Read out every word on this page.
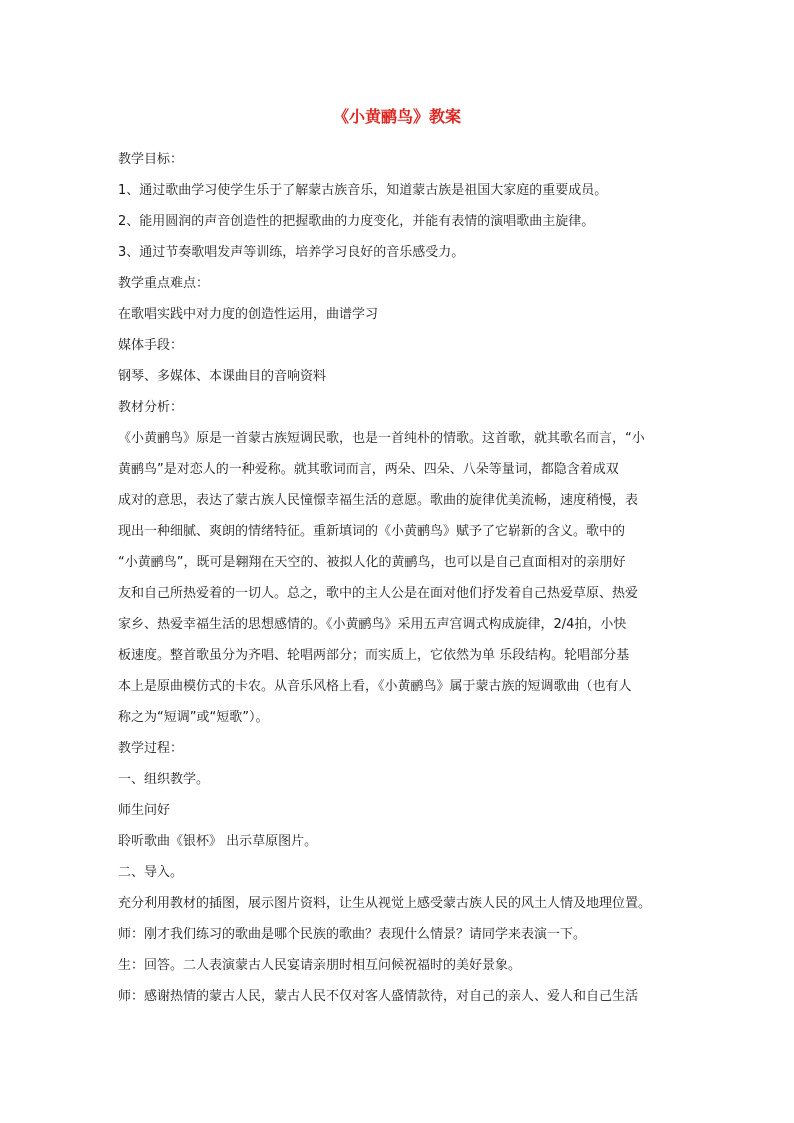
《小黄鹂鸟》教案

教学目标：

1、通过歌曲学习使学生乐于了解蒙古族音乐，知道蒙古族是祖国大家庭的重要成员。

2、能用圆润的声音创造性的把握歌曲的力度变化，并能有表情的演唱歌曲主旋律。

3、通过节奏歌唱发声等训练，培养学习良好的音乐感受力。

教学重点难点：

在歌唱实践中对力度的创造性运用，曲谱学习

媒体手段：

钢琴、多媒体、本课曲目的音响资料

教材分析：

《小黄鹂鸟》原是一首蒙古族短调民歌，也是一首纯朴的情歌。这首歌，就其歌名而言，“小
黄鹂鸟”是对恋人的一种爱称。就其歌词而言，两朵、四朵、八朵等量词，都隐含着成双
成对的意思，表达了蒙古族人民憧憬幸福生活的意愿。歌曲的旋律优美流畅，速度稍慢，表
现出一种细腻、爽朗的情绪特征。重新填词的《小黄鹂鸟》赋予了它崭新的含义。歌中的
“小黄鹂鸟”，既可是翱翔在天空的、被拟人化的黄鹂鸟，也可以是自己直面相对的亲朋好
友和自己所热爱着的一切人。总之，歌中的主人公是在面对他们抒发着自己热爱草原、热爱
家乡、热爱幸福生活的思想感情的。《小黄鹂鸟》采用五声宫调式构成旋律，2/4拍，小快
板速度。整首歌虽分为齐唱、轮唱两部分；而实质上，它依然为单 乐段结构。轮唱部分基
本上是原曲模仿式的卡农。从音乐风格上看，《小黄鹂鸟》属于蒙古族的短调歌曲（也有人
称之为“短调”或“短歌”）。

教学过程：

一、组织教学。

师生问好

聆听歌曲《银杯》 出示草原图片。

二、导入。

充分利用教材的插图，展示图片资料，让生从视觉上感受蒙古族人民的风土人情及地理位置。

师：刚才我们练习的歌曲是哪个民族的歌曲？表现什么情景？请同学来表演一下。

生：回答。二人表演蒙古人民宴请亲朋时相互问候祝福时的美好景象。

师：感谢热情的蒙古人民，蒙古人民不仅对客人盛情款待，对自己的亲人、爱人和自己生活
